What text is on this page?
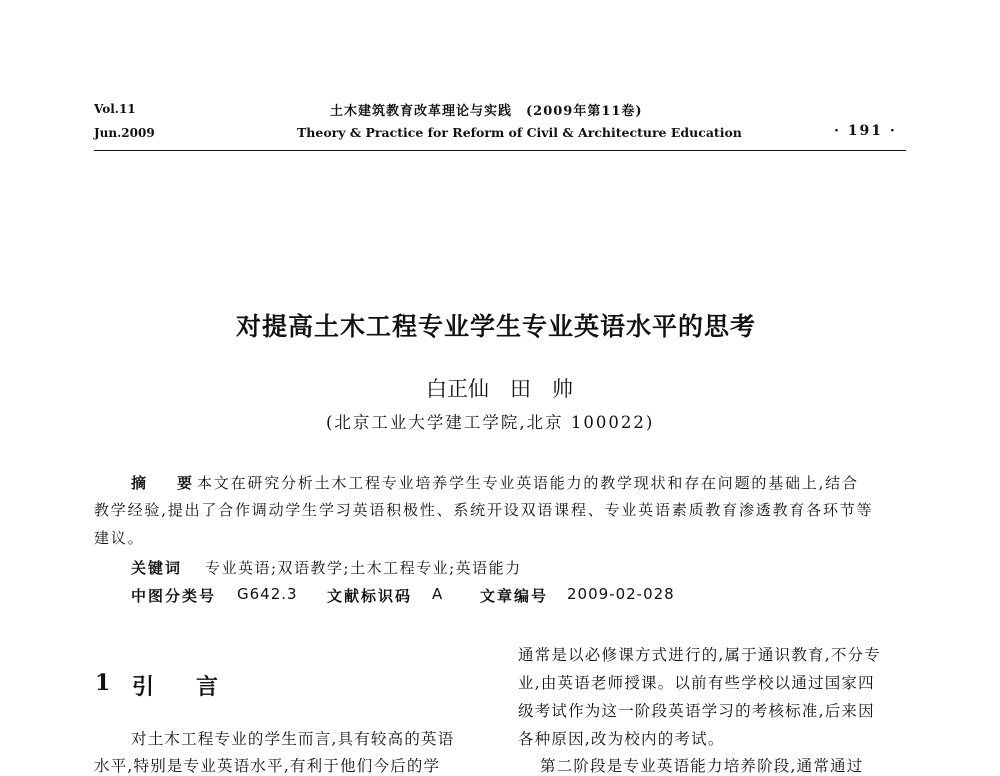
Vol.11
Jun.2009
土木建筑教育改革理论与实践　(2009年第11卷)
Theory & Practice for Reform of Civil & Architecture Education	· 191 ·
对提高土木工程专业学生专业英语水平的思考
白正仙　田　帅
(北京工业大学建工学院,北京 100022)
摘　要
本文在研究分析土木工程专业培养学生专业英语能力的教学现状和存在问题的基础上,结合
教学经验,提出了合作调动学生学习英语积极性、系统开设双语课程、专业英语素质教育渗透教育各环节等
建议。
关键词 专业英语;双语教学;土木工程专业;英语能力
中图分类号 G642.3 文献标识码 A 文章编号 2009-02-028
1 引　言
对土木工程专业的学生而言,具有较高的英语
水平,特别是专业英语水平,有利于他们今后的学
通常是以必修课方式进行的,属于通识教育,不分专
业,由英语老师授课。以前有些学校以通过国家四
级考试作为这一阶段英语学习的考核标准,后来因
各种原因,改为校内的考试。
第二阶段是专业英语能力培养阶段,通常通过
